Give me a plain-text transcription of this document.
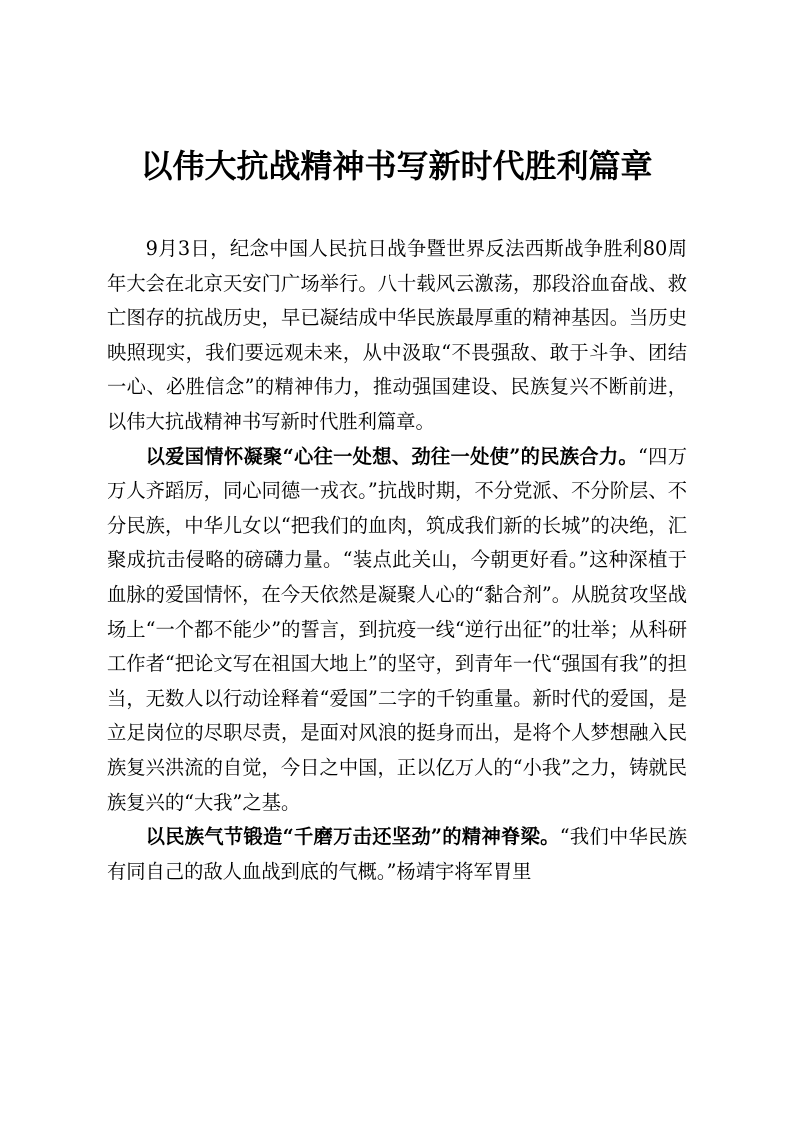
以伟大抗战精神书写新时代胜利篇章

9月3日，纪念中国人民抗日战争暨世界反法西斯战争胜利80周年大会在北京天安门广场举行。八十载风云激荡，那段浴血奋战、救亡图存的抗战历史，早已凝结成中华民族最厚重的精神基因。当历史映照现实，我们要远观未来，从中汲取“不畏强敌、敢于斗争、团结一心、必胜信念”的精神伟力，推动强国建设、民族复兴不断前进，以伟大抗战精神书写新时代胜利篇章。

以爱国情怀凝聚“心往一处想、劲往一处使”的民族合力。“四万万人齐蹈厉，同心同德一戎衣。”抗战时期，不分党派、不分阶层、不分民族，中华儿女以“把我们的血肉，筑成我们新的长城”的决绝，汇聚成抗击侵略的磅礴力量。“装点此关山，今朝更好看。”这种深植于血脉的爱国情怀，在今天依然是凝聚人心的“黏合剂”。从脱贫攻坚战场上“一个都不能少”的誓言，到抗疫一线“逆行出征”的壮举；从科研工作者“把论文写在祖国大地上”的坚守，到青年一代“强国有我”的担当，无数人以行动诠释着“爱国”二字的千钧重量。新时代的爱国，是立足岗位的尽职尽责，是面对风浪的挺身而出，是将个人梦想融入民族复兴洪流的自觉，今日之中国，正以亿万人的“小我”之力，铸就民族复兴的“大我”之基。

以民族气节锻造“千磨万击还坚劲”的精神脊梁。“我们中华民族有同自己的敌人血战到底的气概。”杨靖宇将军胃里
